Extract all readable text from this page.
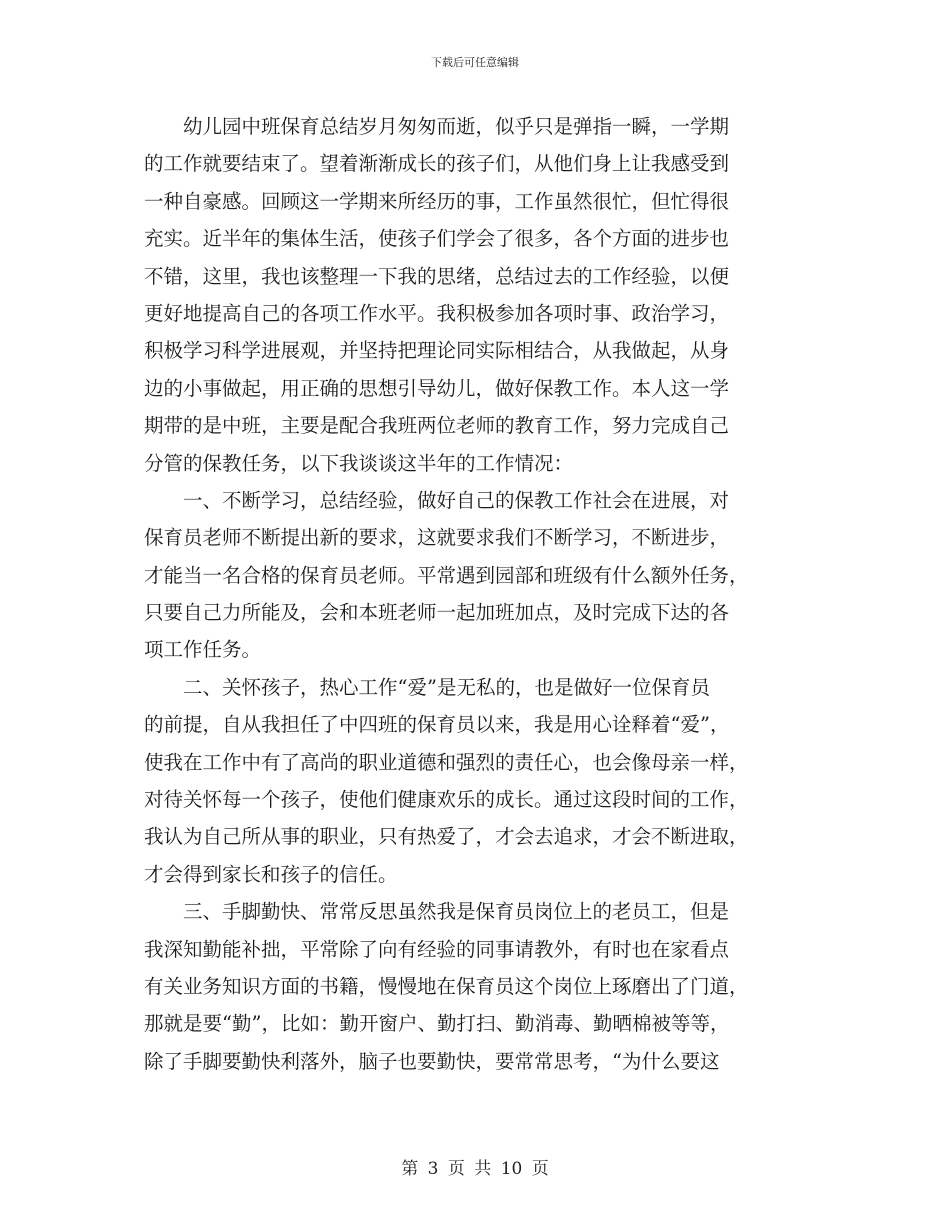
下载后可任意编辑
　　幼儿园中班保育总结岁月匆匆而逝，似乎只是弹指一瞬，一学期
的工作就要结束了。望着渐渐成长的孩子们，从他们身上让我感受到
一种自豪感。回顾这一学期来所经历的事，工作虽然很忙，但忙得很
充实。近半年的集体生活，使孩子们学会了很多，各个方面的进步也
不错，这里，我也该整理一下我的思绪，总结过去的工作经验，以便
更好地提高自己的各项工作水平。我积极参加各项时事、政治学习，
积极学习科学进展观，并坚持把理论同实际相结合，从我做起，从身
边的小事做起，用正确的思想引导幼儿，做好保教工作。本人这一学
期带的是中班，主要是配合我班两位老师的教育工作，努力完成自己
分管的保教任务，以下我谈谈这半年的工作情况：
　　一、不断学习，总结经验，做好自己的保教工作社会在进展，对
保育员老师不断提出新的要求，这就要求我们不断学习，不断进步，
才能当一名合格的保育员老师。平常遇到园部和班级有什么额外任务，
只要自己力所能及，会和本班老师一起加班加点，及时完成下达的各
项工作任务。
　　二、关怀孩子，热心工作“爱”是无私的，也是做好一位保育员
的前提，自从我担任了中四班的保育员以来，我是用心诠释着“爱”，
使我在工作中有了高尚的职业道德和强烈的责任心，也会像母亲一样，
对待关怀每一个孩子，使他们健康欢乐的成长。通过这段时间的工作，
我认为自己所从事的职业，只有热爱了，才会去追求，才会不断进取，
才会得到家长和孩子的信任。
　　三、手脚勤快、常常反思虽然我是保育员岗位上的老员工，但是
我深知勤能补拙，平常除了向有经验的同事请教外，有时也在家看点
有关业务知识方面的书籍，慢慢地在保育员这个岗位上琢磨出了门道，
那就是要“勤”，比如：勤开窗户、勤打扫、勤消毒、勤晒棉被等等，
除了手脚要勤快利落外，脑子也要勤快，要常常思考，“为什么要这
第 3 页 共 10 页
